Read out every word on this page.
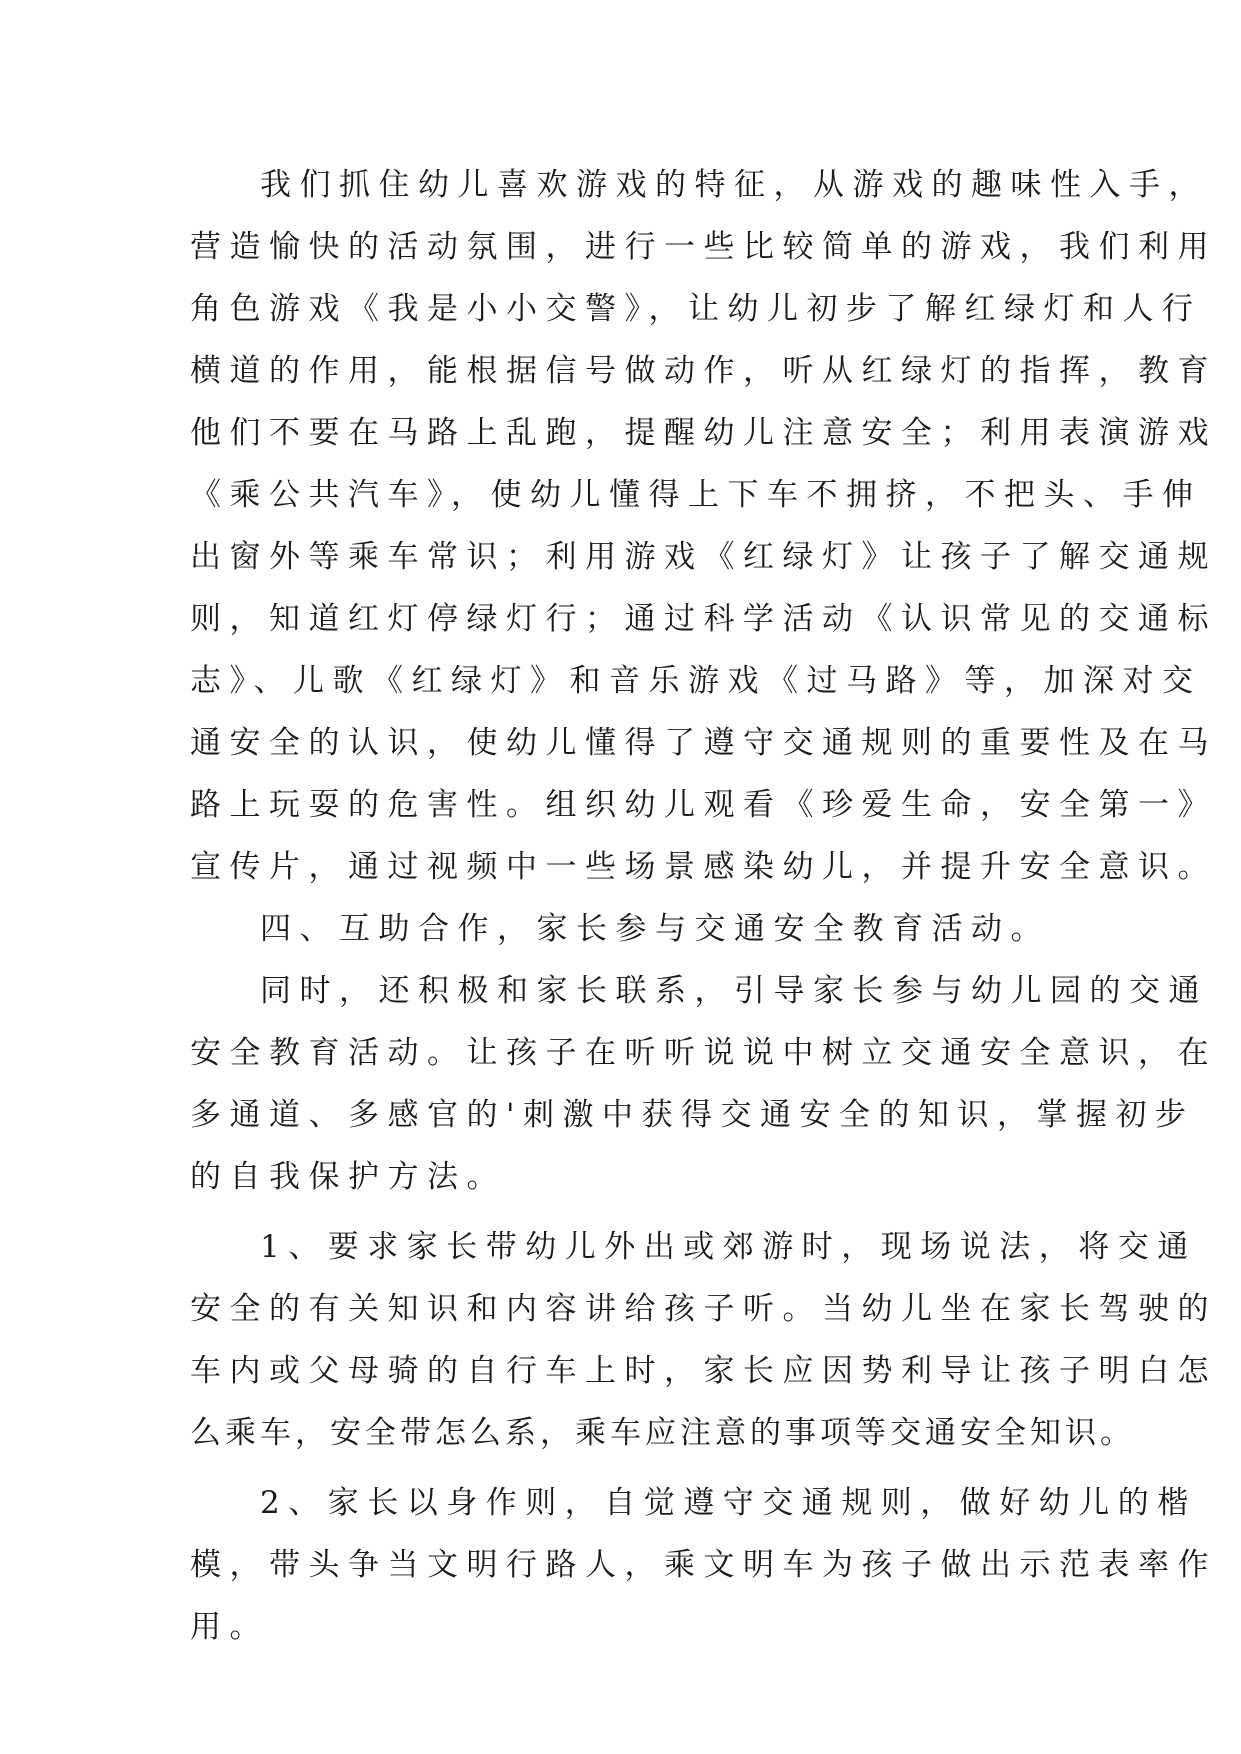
我们抓住幼儿喜欢游戏的特征，从游戏的趣味性入手，
营造愉快的活动氛围，进行一些比较简单的游戏，我们利用
角色游戏《我是小小交警》，让幼儿初步了解红绿灯和人行
横道的作用，能根据信号做动作，听从红绿灯的指挥，教育
他们不要在马路上乱跑，提醒幼儿注意安全；利用表演游戏
《乘公共汽车》，使幼儿懂得上下车不拥挤，不把头、手伸
出窗外等乘车常识；利用游戏《红绿灯》让孩子了解交通规
则，知道红灯停绿灯行；通过科学活动《认识常见的交通标
志》、儿歌《红绿灯》和音乐游戏《过马路》等，加深对交
通安全的认识，使幼儿懂得了遵守交通规则的重要性及在马
路上玩耍的危害性。组织幼儿观看《珍爱生命，安全第一》
宣传片，通过视频中一些场景感染幼儿，并提升安全意识。
四、互助合作，家长参与交通安全教育活动。
同时，还积极和家长联系，引导家长参与幼儿园的交通
安全教育活动。让孩子在听听说说中树立交通安全意识，在
多通道、多感官的'刺激中获得交通安全的知识，掌握初步
的自我保护方法。
1、要求家长带幼儿外出或郊游时，现场说法，将交通
安全的有关知识和内容讲给孩子听。当幼儿坐在家长驾驶的
车内或父母骑的自行车上时，家长应因势利导让孩子明白怎
么乘车，安全带怎么系，乘车应注意的事项等交通安全知识。
2、家长以身作则，自觉遵守交通规则，做好幼儿的楷
模，带头争当文明行路人，乘文明车为孩子做出示范表率作
用。
